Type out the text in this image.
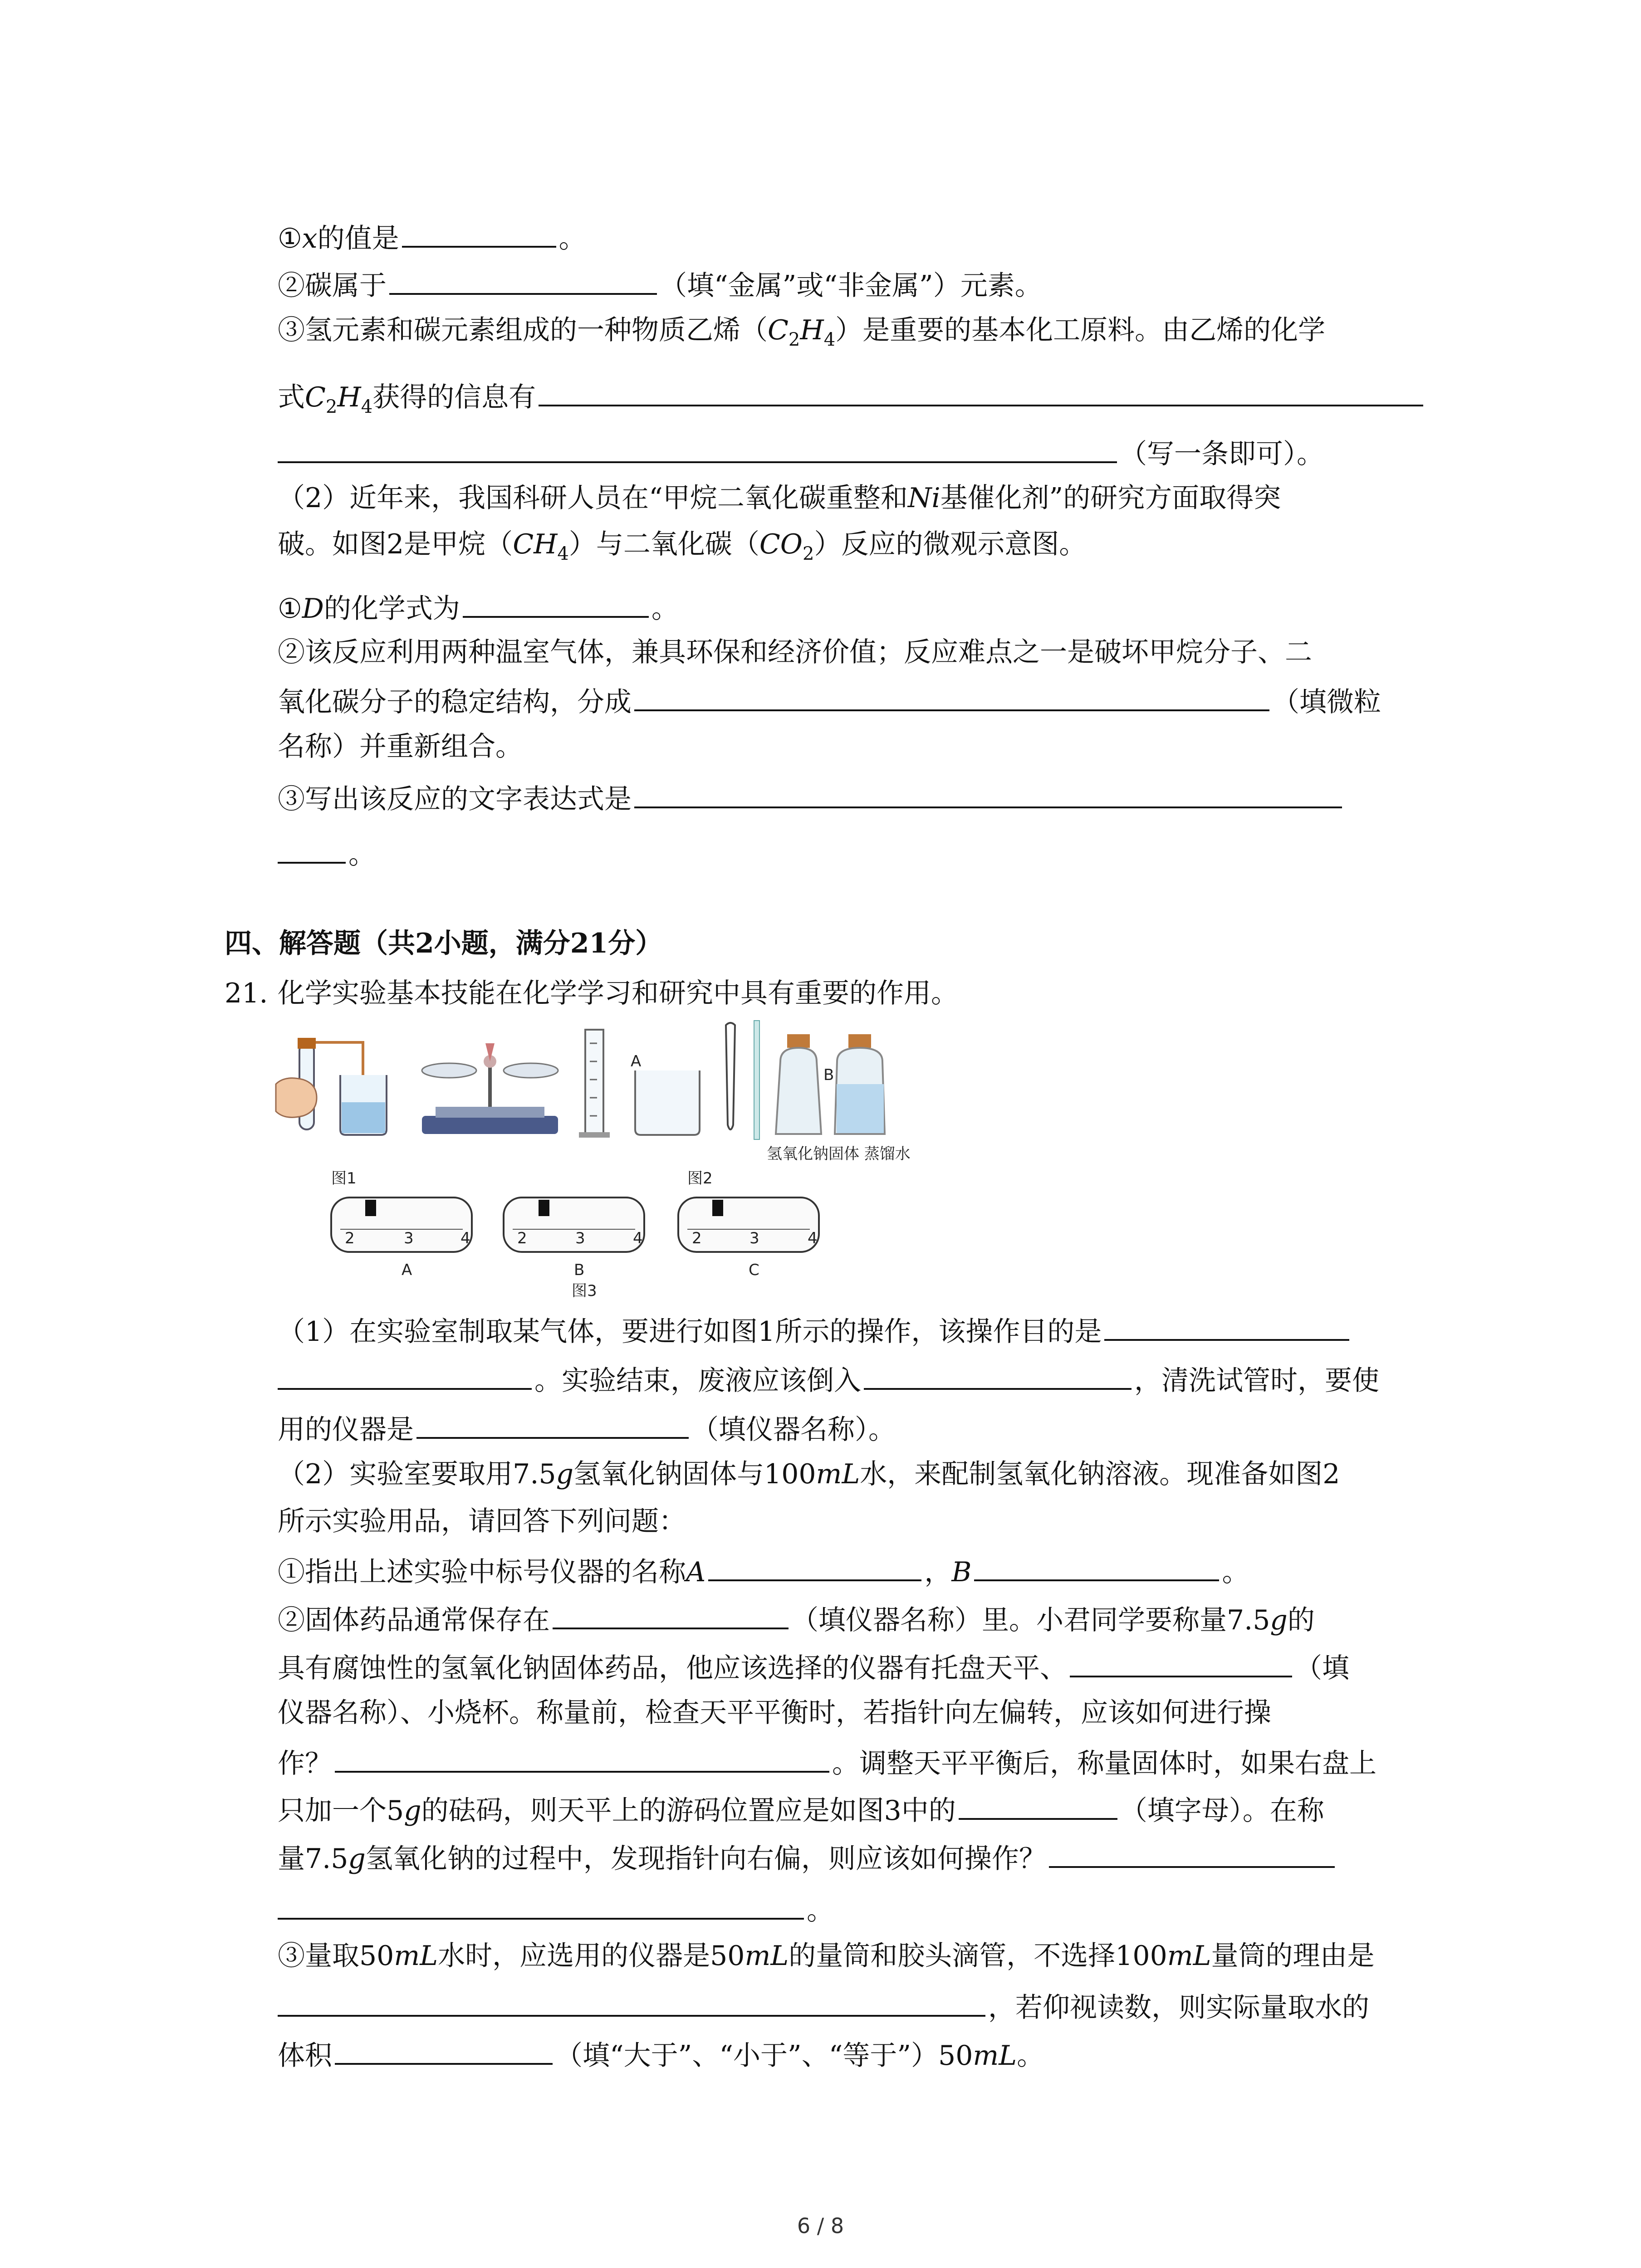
①x的值是	。
②碳属于	（填“金属”或“非金属”）元素。
③氢元素和碳元素组成的一种物质乙烯$(C_2H_4)$是重要的基本化工原料。由乙烯的化学
式$C_2H_4$获得的信息有
（写一条即可）。
（2）近年来，我国科研人员在“甲烷二氧化碳重整和Ni基催化剂”的研究方面取得突
破。如图2是甲烷$(CH_4)$与二氧化碳$(CO_2)$反应的微观示意图。
①D的化学式为	。
②该反应利用两种温室气体，兼具环保和经济价值；反应难点之一是破坏甲烷分子、二
氧化碳分子的稳定结构，分成	（填微粒
名称）并重新组合。
③写出该反应的文字表达式是
。
四、解答题（共2小题，满分21分）
21. 化学实验基本技能在化学学习和研究中具有重要的作用。
A
B
氢氧化钠固体 蒸馏水
图1	图2
2	3	4	2	3	4	2	3	4
A	B	C
图3
（1）在实验室制取某气体，要进行如图1所示的操作，该操作目的是
。实验结束，废液应该倒入	，清洗试管时，要使
用的仪器是	（填仪器名称）。
（2）实验室要取用7.5g氢氧化钠固体与100mL水，来配制氢氧化钠溶液。现准备如图2
所示实验用品，请回答下列问题：
①指出上述实验中标号仪器的名称A	，B	。
②固体药品通常保存在	（填仪器名称）里。小君同学要称量7.5g的
具有腐蚀性的氢氧化钠固体药品，他应该选择的仪器有托盘天平、	（填
仪器名称）、小烧杯。称量前，检查天平平衡时，若指针向左偏转，应该如何进行操
作？	。调整天平平衡后，称量固体时，如果右盘上
只加一个5g的砝码，则天平上的游码位置应是如图3中的	（填字母）。在称
量7.5g氢氧化钠的过程中，发现指针向右偏，则应该如何操作？
。
③量取50mL水时，应选用的仪器是50mL的量筒和胶头滴管，不选择100mL量筒的理由是
，若仰视读数，则实际量取水的
体积	（填“大于”、“小于”、“等于”）50mL。
6 / 8
